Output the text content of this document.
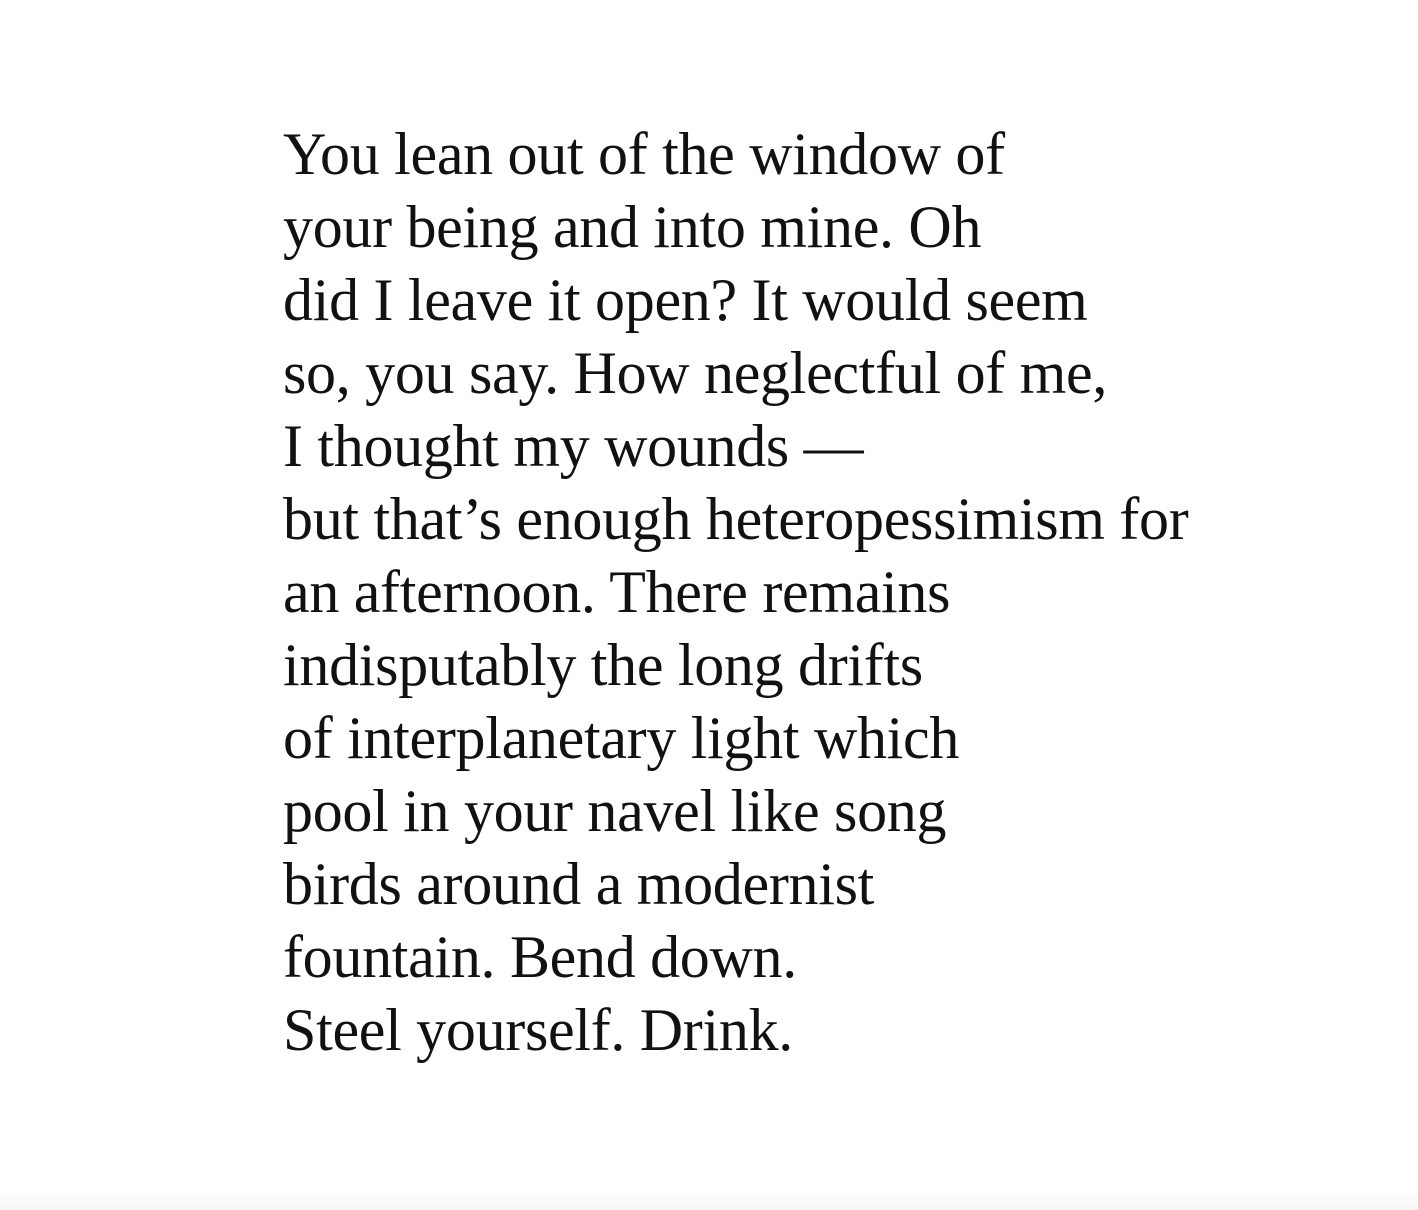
You lean out of the window of
your being and into mine. Oh
did I leave it open? It would seem
so, you say. How neglectful of me,
I thought my wounds —
but that’s enough heteropessimism for
an afternoon. There remains
indisputably the long drifts
of interplanetary light which
pool in your navel like song
birds around a modernist
fountain. Bend down.
Steel yourself. Drink.
